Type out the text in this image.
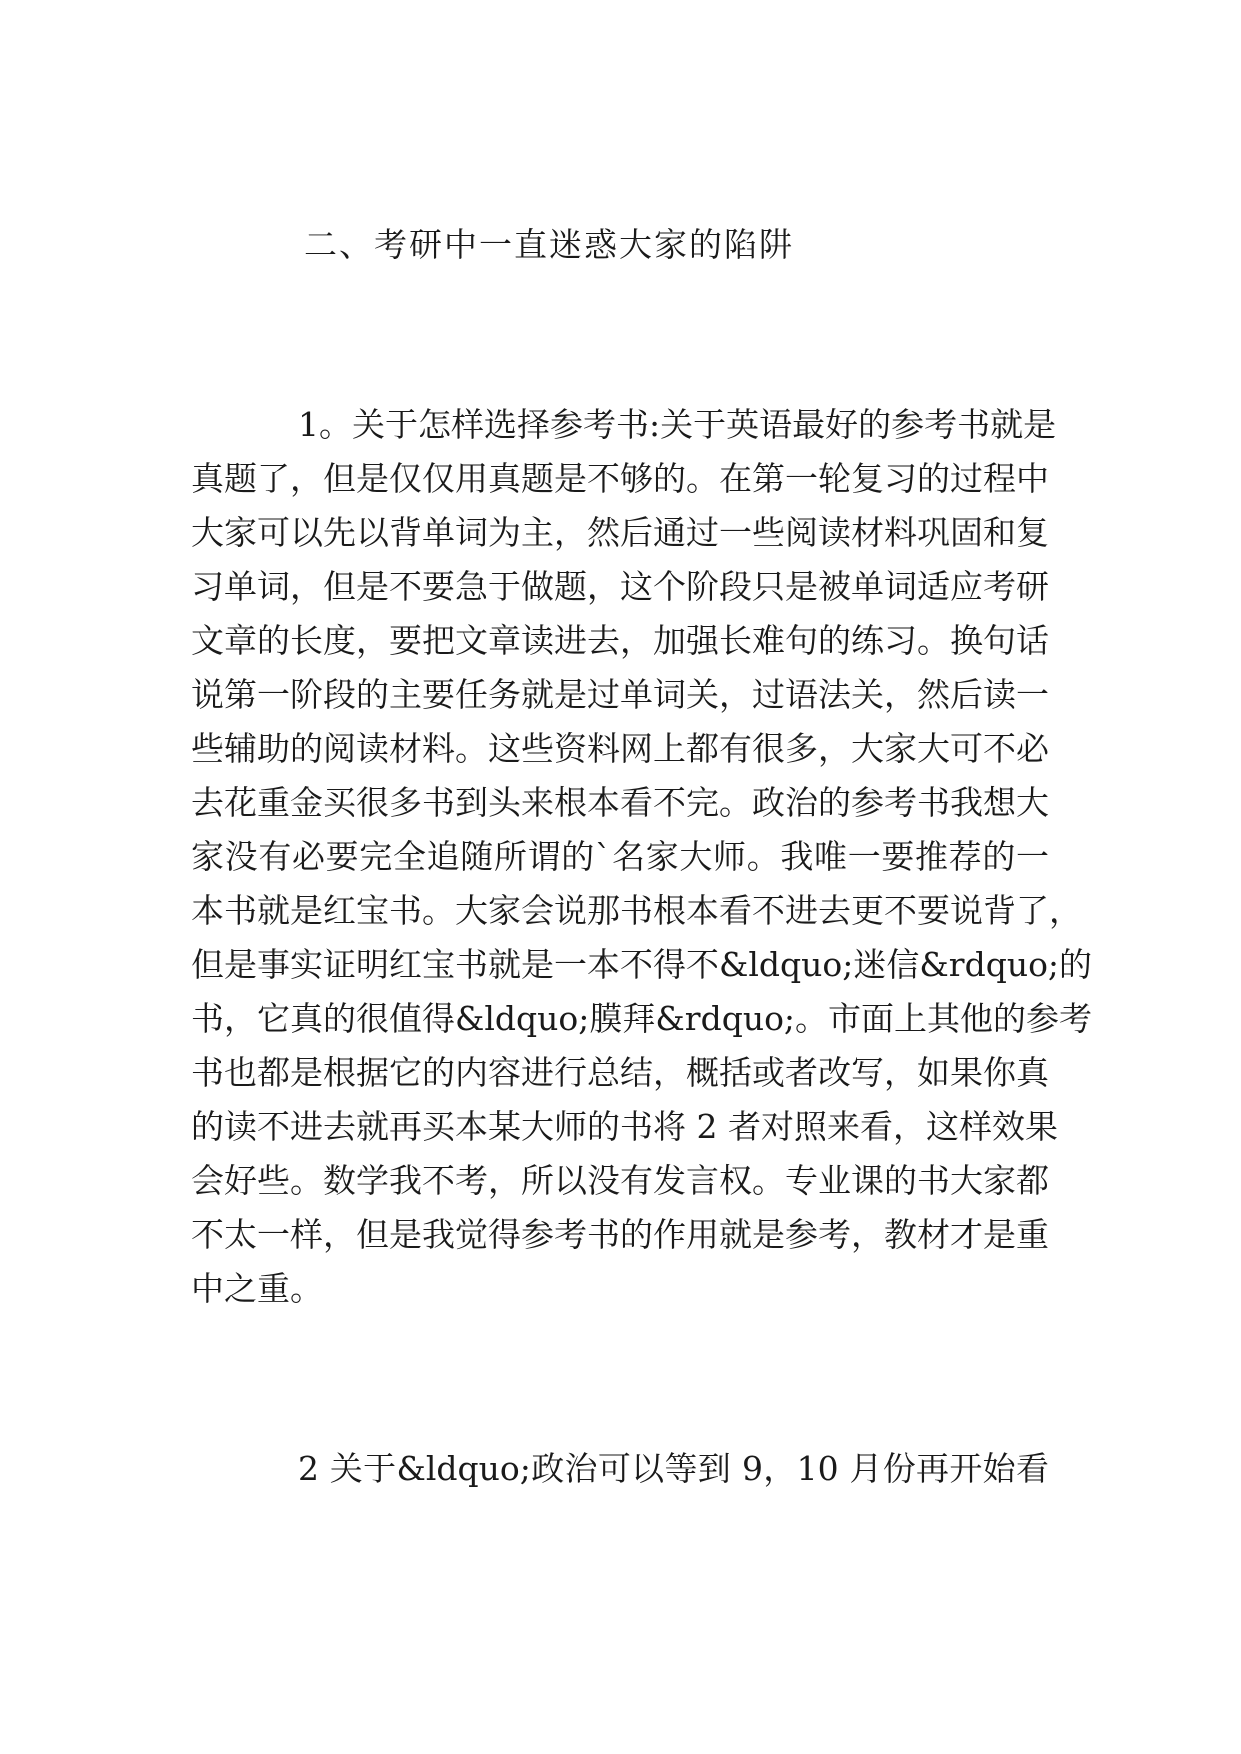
二、考研中一直迷惑大家的陷阱
1。关于怎样选择参考书:关于英语最好的参考书就是
真题了，但是仅仅用真题是不够的。在第一轮复习的过程中
大家可以先以背单词为主，然后通过一些阅读材料巩固和复
习单词，但是不要急于做题，这个阶段只是被单词适应考研
文章的长度，要把文章读进去，加强长难句的练习。换句话
说第一阶段的主要任务就是过单词关，过语法关，然后读一
些辅助的阅读材料。这些资料网上都有很多，大家大可不必
去花重金买很多书到头来根本看不完。政治的参考书我想大
家没有必要完全追随所谓的`名家大师。我唯一要推荐的一
本书就是红宝书。大家会说那书根本看不进去更不要说背了，
但是事实证明红宝书就是一本不得不&ldquo;迷信&rdquo;的
书，它真的很值得&ldquo;膜拜&rdquo;。市面上其他的参考
书也都是根据它的内容进行总结，概括或者改写，如果你真
的读不进去就再买本某大师的书将 2 者对照来看，这样效果
会好些。数学我不考，所以没有发言权。专业课的书大家都
不太一样，但是我觉得参考书的作用就是参考，教材才是重
中之重。
2 关于&ldquo;政治可以等到 9，10 月份再开始看
